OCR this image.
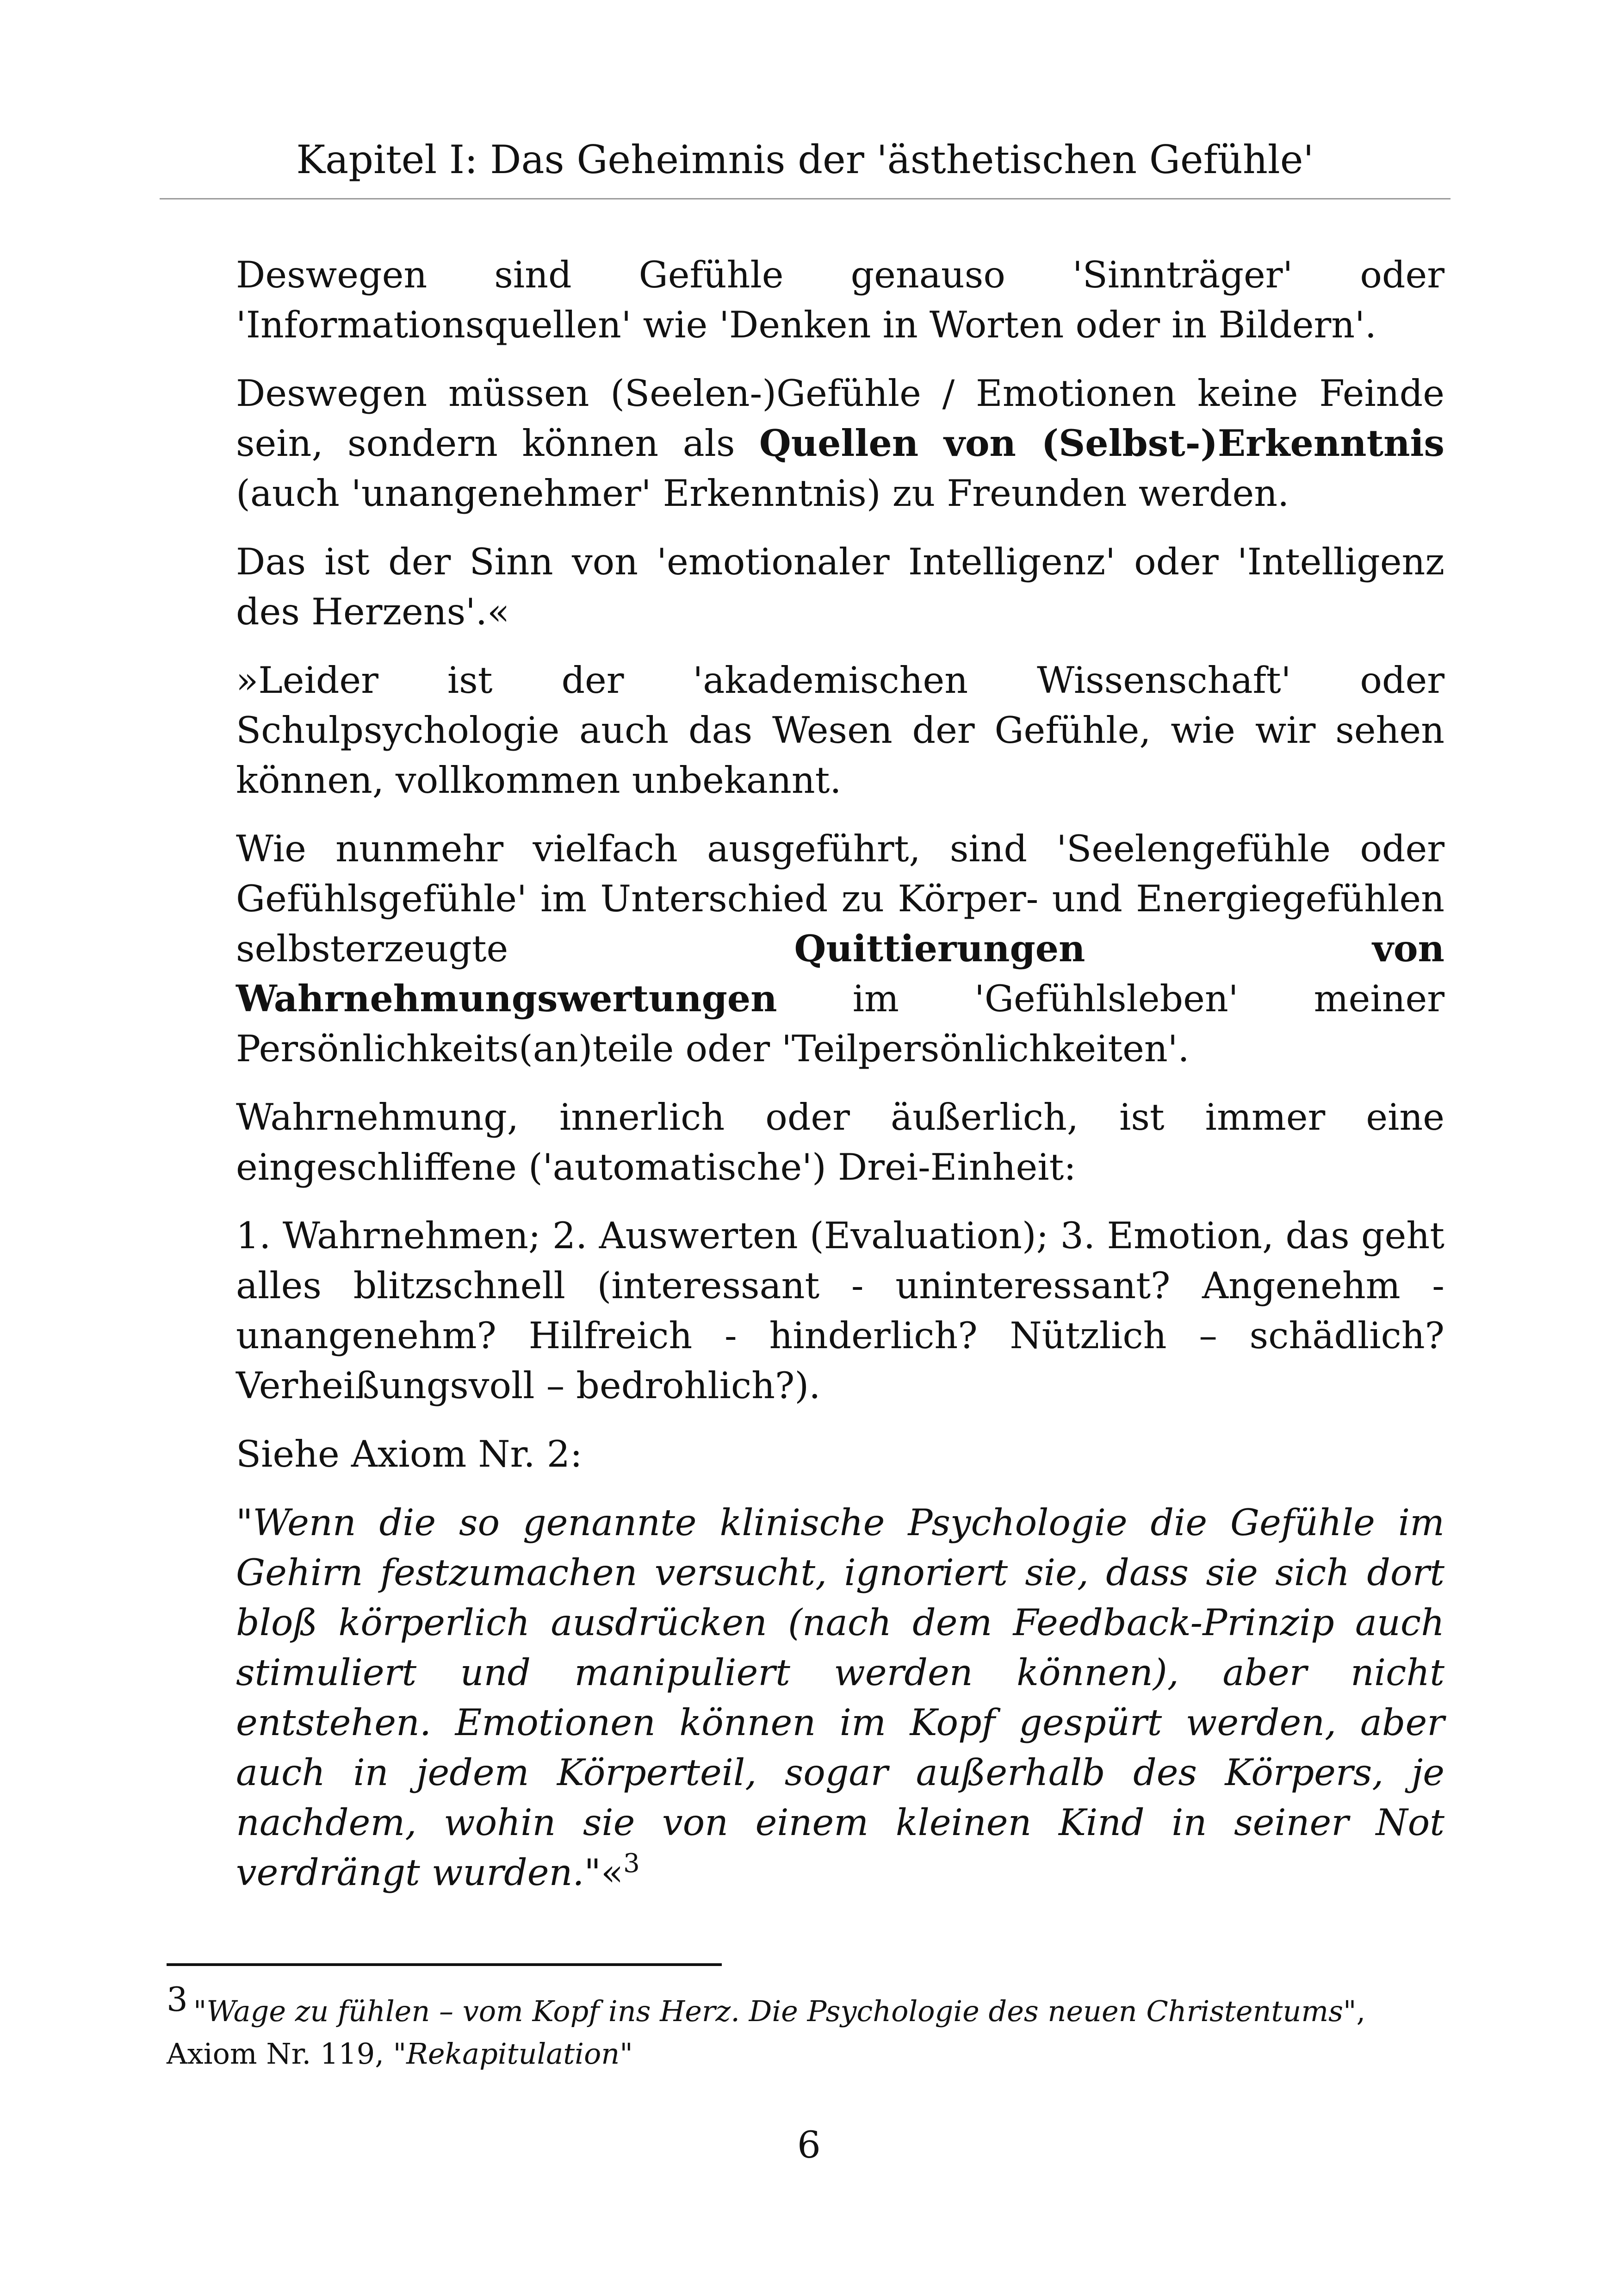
Kapitel I: Das Geheimnis der 'ästhetischen Gefühle'

Deswegen sind Gefühle genauso 'Sinnträger' oder 'Informationsquellen' wie 'Denken in Worten oder in Bildern'.

Deswegen müssen (Seelen-)Gefühle / Emotionen keine Feinde sein, sondern können als Quellen von (Selbst-)Erkenntnis (auch 'unangenehmer' Erkenntnis) zu Freunden werden.

Das ist der Sinn von 'emotionaler Intelligenz' oder 'Intelligenz des Herzens'.«

»Leider ist der 'akademischen Wissenschaft' oder Schulpsychologie auch das Wesen der Gefühle, wie wir sehen können, vollkommen unbekannt.

Wie nunmehr vielfach ausgeführt, sind 'Seelengefühle oder Gefühlsgefühle' im Unterschied zu Körper- und Energiegefühlen selbsterzeugte Quittierungen von Wahrnehmungswertungen im 'Gefühlsleben' meiner Persönlichkeits(an)teile oder 'Teilpersönlichkeiten'.

Wahrnehmung, innerlich oder äußerlich, ist immer eine eingeschliffene ('automatische') Drei-Einheit:

1. Wahrnehmen; 2. Auswerten (Evaluation); 3. Emotion, das geht alles blitzschnell (interessant - uninteressant? Angenehm - unangenehm? Hilfreich - hinderlich? Nützlich – schädlich? Verheißungsvoll – bedrohlich?).

Siehe Axiom Nr. 2:

"Wenn die so genannte klinische Psychologie die Gefühle im Gehirn festzumachen versucht, ignoriert sie, dass sie sich dort bloß körperlich ausdrücken (nach dem Feedback-Prinzip auch stimuliert und manipuliert werden können), aber nicht entstehen. Emotionen können im Kopf gespürt werden, aber auch in jedem Körperteil, sogar außerhalb des Körpers, je nachdem, wohin sie von einem kleinen Kind in seiner Not verdrängt wurden."«$^3$

3 "Wage zu fühlen – vom Kopf ins Herz. Die Psychologie des neuen Christentums",
Axiom Nr. 119, "Rekapitulation"
6
